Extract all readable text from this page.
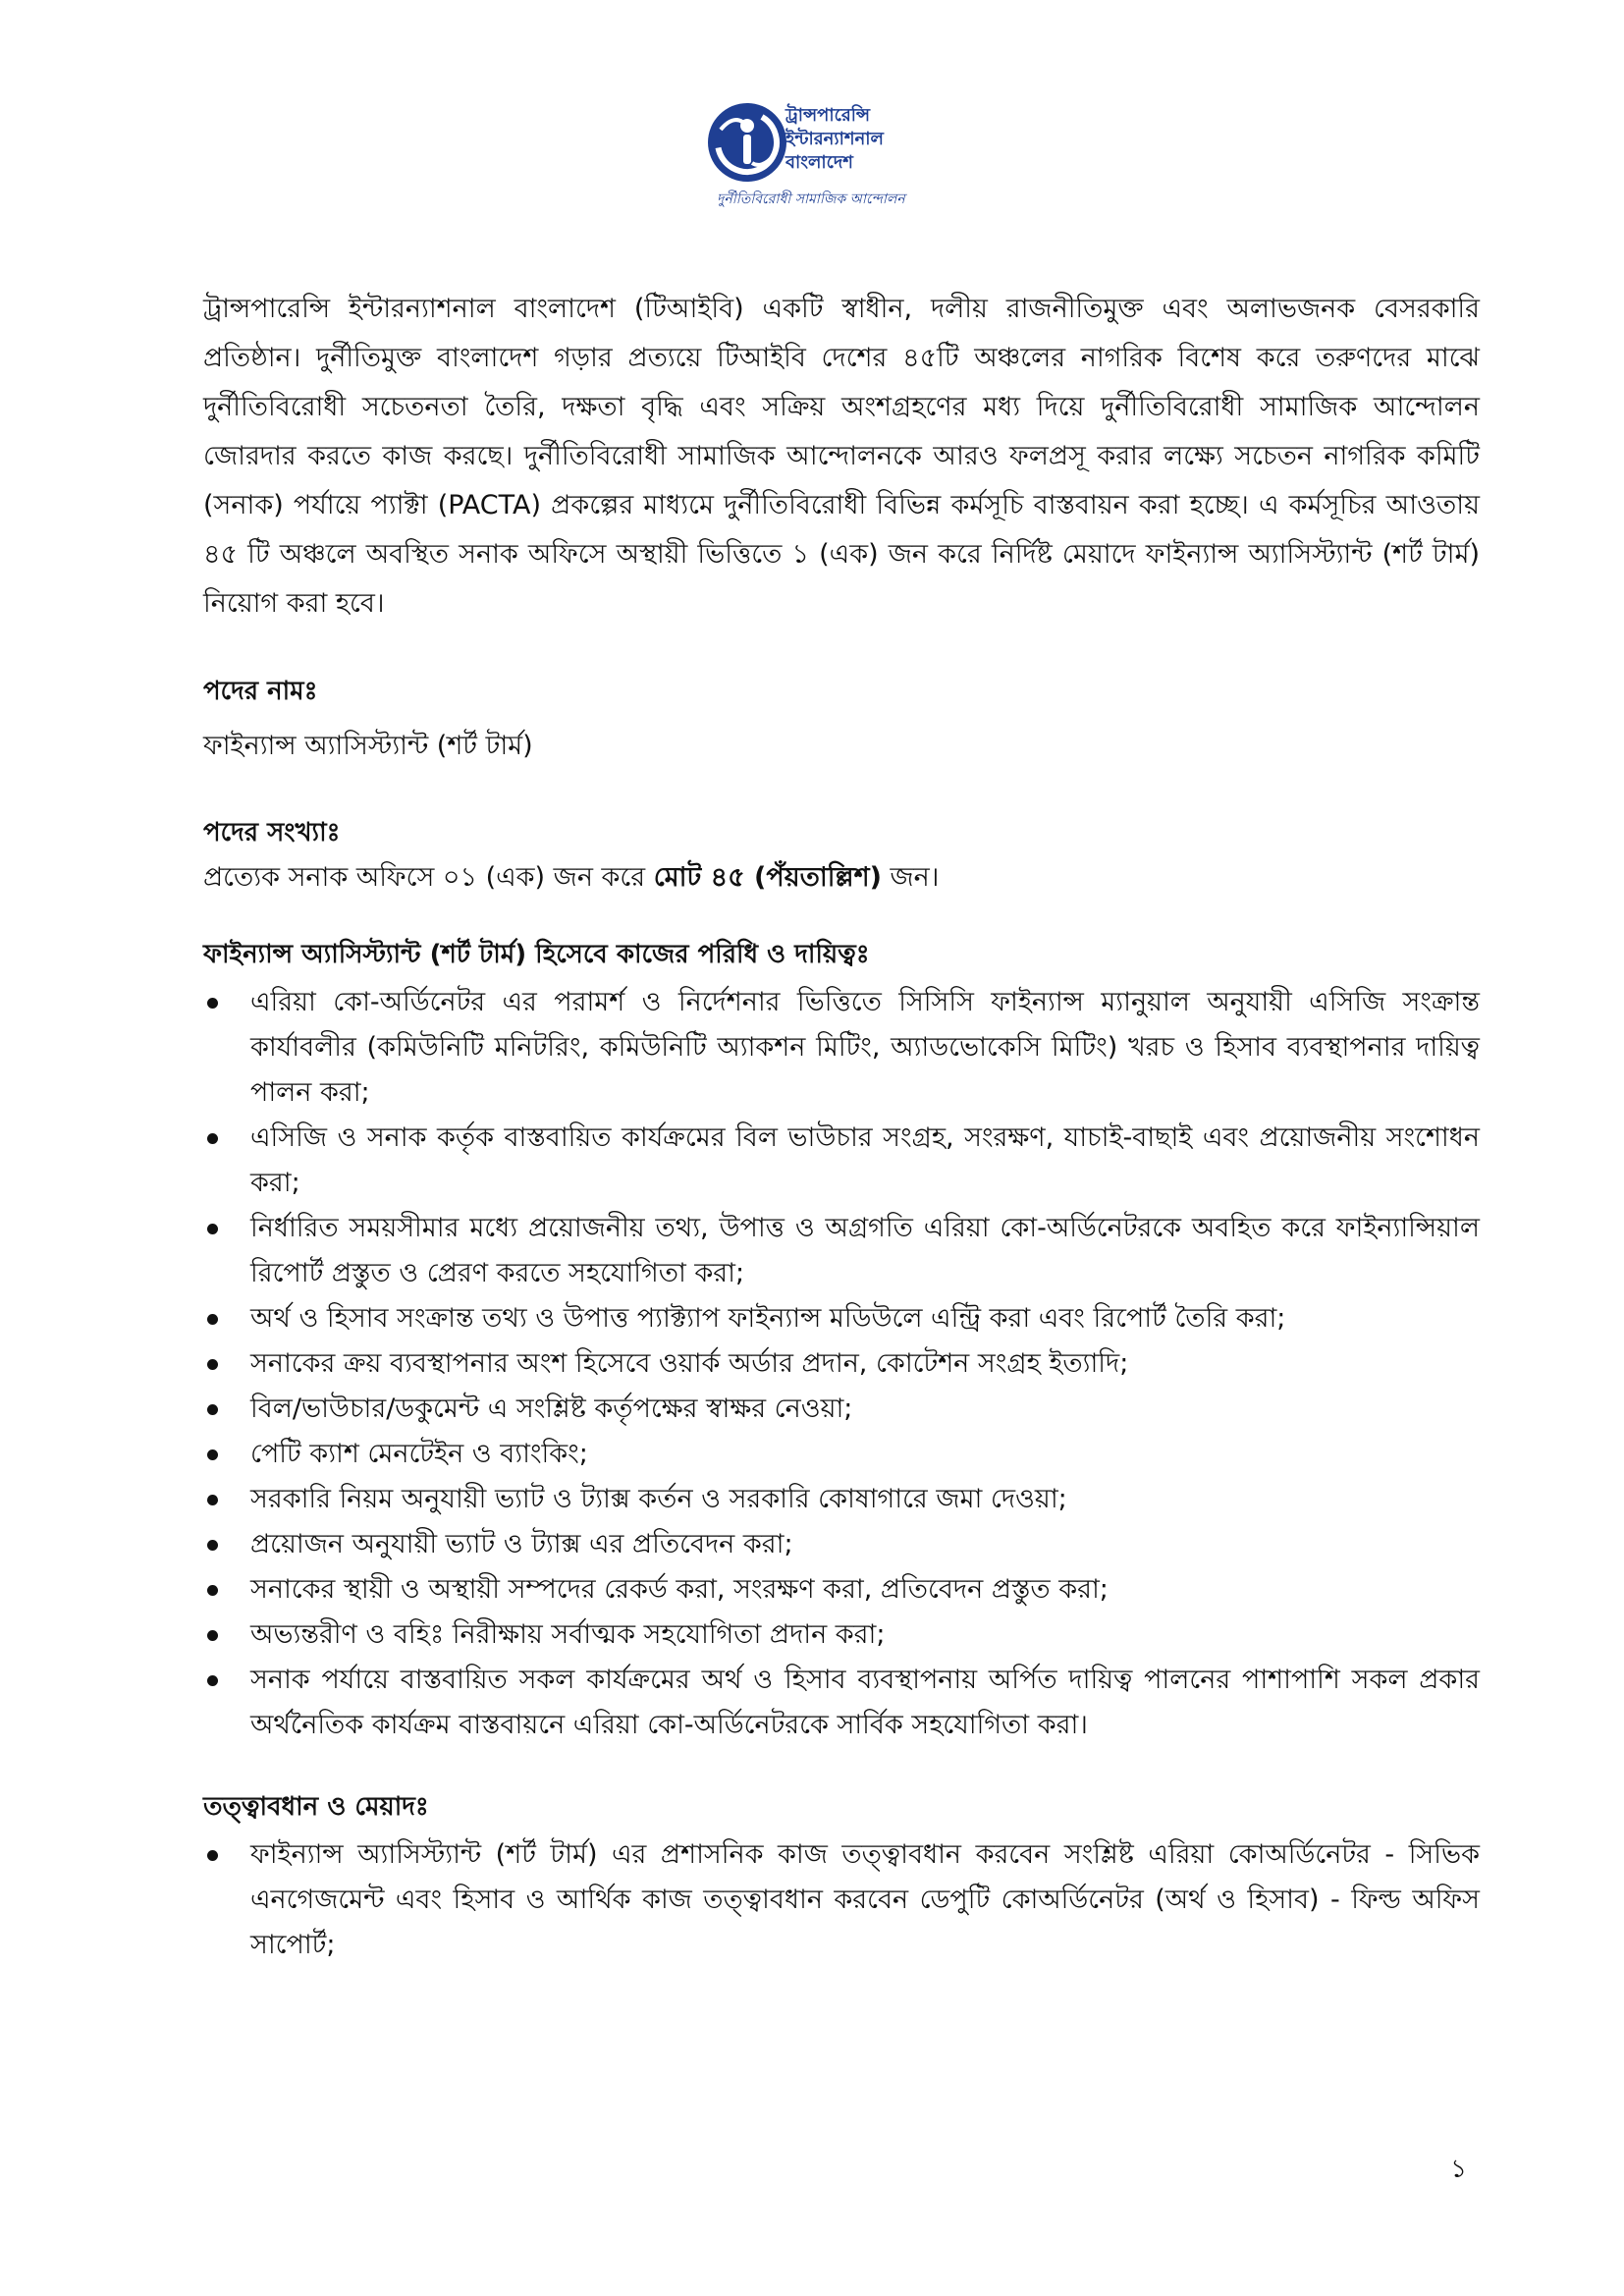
ট্রান্সপারেন্সি
ইন্টারন্যাশনাল
বাংলাদেশ
দুর্নীতিবিরোধী সামাজিক আন্দোলন

ট্রান্সপারেন্সি ইন্টারন্যাশনাল বাংলাদেশ (টিআইবি) একটি স্বাধীন, দলীয় রাজনীতিমুক্ত এবং অলাভজনক বেসরকারি প্রতিষ্ঠান। দুর্নীতিমুক্ত বাংলাদেশ গড়ার প্রত্যয়ে টিআইবি দেশের ৪৫টি অঞ্চলের নাগরিক বিশেষ করে তরুণদের মাঝে দুর্নীতিবিরোধী সচেতনতা তৈরি, দক্ষতা বৃদ্ধি এবং সক্রিয় অংশগ্রহণের মধ্য দিয়ে দুর্নীতিবিরোধী সামাজিক আন্দোলন জোরদার করতে কাজ করছে। দুর্নীতিবিরোধী সামাজিক আন্দোলনকে আরও ফলপ্রসূ করার লক্ষ্যে সচেতন নাগরিক কমিটি (সনাক) পর্যায়ে প্যাক্টা (PACTA) প্রকল্পের মাধ্যমে দুর্নীতিবিরোধী বিভিন্ন কর্মসূচি বাস্তবায়ন করা হচ্ছে। এ কর্মসূচির আওতায় ৪৫ টি অঞ্চলে অবস্থিত সনাক অফিসে অস্থায়ী ভিত্তিতে ১ (এক) জন করে নির্দিষ্ট মেয়াদে ফাইন্যান্স অ্যাসিস্ট্যান্ট (শর্ট টার্ম) নিয়োগ করা হবে।

পদের নামঃ

ফাইন্যান্স অ্যাসিস্ট্যান্ট (শর্ট টার্ম)

পদের সংখ্যাঃ

প্রত্যেক সনাক অফিসে ০১ (এক) জন করে মোট ৪৫ (পঁয়তাল্লিশ) জন।

ফাইন্যান্স অ্যাসিস্ট্যান্ট (শর্ট টার্ম) হিসেবে কাজের পরিধি ও দায়িত্বঃ

এরিয়া কো-অর্ডিনেটর এর পরামর্শ ও নির্দেশনার ভিত্তিতে সিসিসি ফাইন্যান্স ম্যানুয়াল অনুযায়ী এসিজি সংক্রান্ত কার্যাবলীর (কমিউনিটি মনিটরিং, কমিউনিটি অ্যাকশন মিটিং, অ্যাডভোকেসি মিটিং) খরচ ও হিসাব ব্যবস্থাপনার দায়িত্ব পালন করা;
এসিজি ও সনাক কর্তৃক বাস্তবায়িত কার্যক্রমের বিল ভাউচার সংগ্রহ, সংরক্ষণ, যাচাই-বাছাই এবং প্রয়োজনীয় সংশোধন করা;
নির্ধারিত সময়সীমার মধ্যে প্রয়োজনীয় তথ্য, উপাত্ত ও অগ্রগতি এরিয়া কো-অর্ডিনেটরকে অবহিত করে ফাইন্যান্সিয়াল রিপোর্ট প্রস্তুত ও প্রেরণ করতে সহযোগিতা করা;
অর্থ ও হিসাব সংক্রান্ত তথ্য ও উপাত্ত প্যাক্ট্যাপ ফাইন্যান্স মডিউলে এন্ট্রি করা এবং রিপোর্ট তৈরি করা;
সনাকের ক্রয় ব্যবস্থাপনার অংশ হিসেবে ওয়ার্ক অর্ডার প্রদান, কোটেশন সংগ্রহ ইত্যাদি;
বিল/ভাউচার/ডকুমেন্ট এ সংশ্লিষ্ট কর্তৃপক্ষের স্বাক্ষর নেওয়া;
পেটি ক্যাশ মেনটেইন ও ব্যাংকিং;
সরকারি নিয়ম অনুযায়ী ভ্যাট ও ট্যাক্স কর্তন ও সরকারি কোষাগারে জমা দেওয়া;
প্রয়োজন অনুযায়ী ভ্যাট ও ট্যাক্স এর প্রতিবেদন করা;
সনাকের স্থায়ী ও অস্থায়ী সম্পদের রেকর্ড করা, সংরক্ষণ করা, প্রতিবেদন প্রস্তুত করা;
অভ্যন্তরীণ ও বহিঃ নিরীক্ষায় সর্বাত্মক সহযোগিতা প্রদান করা;
সনাক পর্যায়ে বাস্তবায়িত সকল কার্যক্রমের অর্থ ও হিসাব ব্যবস্থাপনায় অর্পিত দায়িত্ব পালনের পাশাপাশি সকল প্রকার অর্থনৈতিক কার্যক্রম বাস্তবায়নে এরিয়া কো-অর্ডিনেটরকে সার্বিক সহযোগিতা করা।

তত্ত্বাবধান ও মেয়াদঃ

ফাইন্যান্স অ্যাসিস্ট্যান্ট (শর্ট টার্ম) এর প্রশাসনিক কাজ তত্ত্বাবধান করবেন সংশ্লিষ্ট এরিয়া কোঅর্ডিনেটর - সিভিক এনগেজমেন্ট এবং হিসাব ও আর্থিক কাজ তত্ত্বাবধান করবেন ডেপুটি কোঅর্ডিনেটর (অর্থ ও হিসাব) - ফিল্ড অফিস সাপোর্ট;
১
